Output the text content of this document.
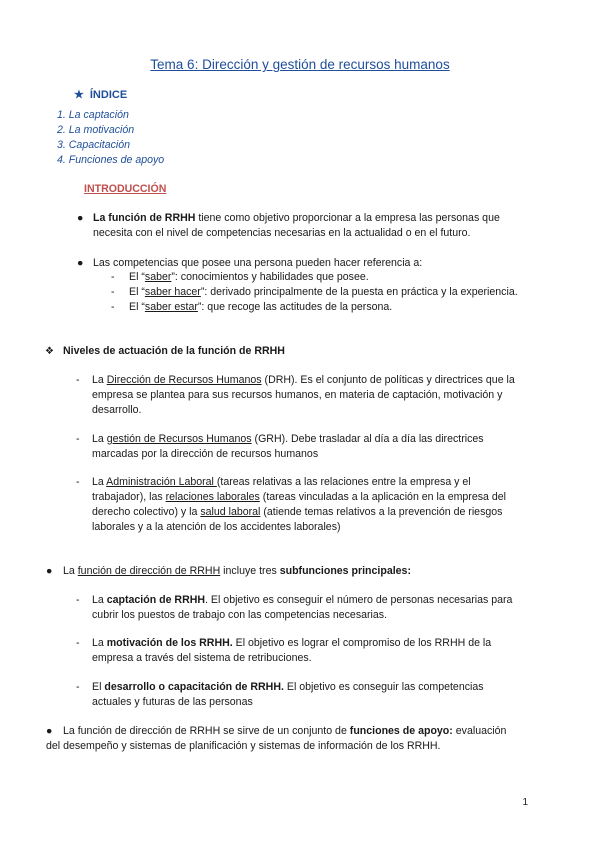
Tema 6: Dirección y gestión de recursos humanos
★ ÍNDICE
1. La captación
2. La motivación
3. Capacitación
4. Funciones de apoyo
INTRODUCCIÓN
● La función de RRHH tiene como objetivo proporcionar a la empresa las personas que
necesita con el nivel de competencias necesarias en la actualidad o en el futuro.
● Las competencias que posee una persona pueden hacer referencia a:
- El “saber”: conocimientos y habilidades que posee.
- El “saber hacer”: derivado principalmente de la puesta en práctica y la experiencia.
- El “saber estar”: que recoge las actitudes de la persona.
❖ Niveles de actuación de la función de RRHH
- La Dirección de Recursos Humanos (DRH). Es el conjunto de políticas y directrices que la
empresa se plantea para sus recursos humanos, en materia de captación, motivación y
desarrollo.
- La gestión de Recursos Humanos (GRH). Debe trasladar al día a día las directrices
marcadas por la dirección de recursos humanos
- La Administración Laboral (tareas relativas a las relaciones entre la empresa y el
trabajador), las relaciones laborales (tareas vinculadas a la aplicación en la empresa del
derecho colectivo) y la salud laboral (atiende temas relativos a la prevención de riesgos
laborales y a la atención de los accidentes laborales)
● La función de dirección de RRHH incluye tres subfunciones principales:
- La captación de RRHH. El objetivo es conseguir el número de personas necesarias para
cubrir los puestos de trabajo con las competencias necesarias.
- La motivación de los RRHH. El objetivo es lograr el compromiso de los RRHH de la
empresa a través del sistema de retribuciones.
- El desarrollo o capacitación de RRHH. El objetivo es conseguir las competencias
actuales y futuras de las personas
● La función de dirección de RRHH se sirve de un conjunto de funciones de apoyo: evaluación
del desempeño y sistemas de planificación y sistemas de información de los RRHH.
1
